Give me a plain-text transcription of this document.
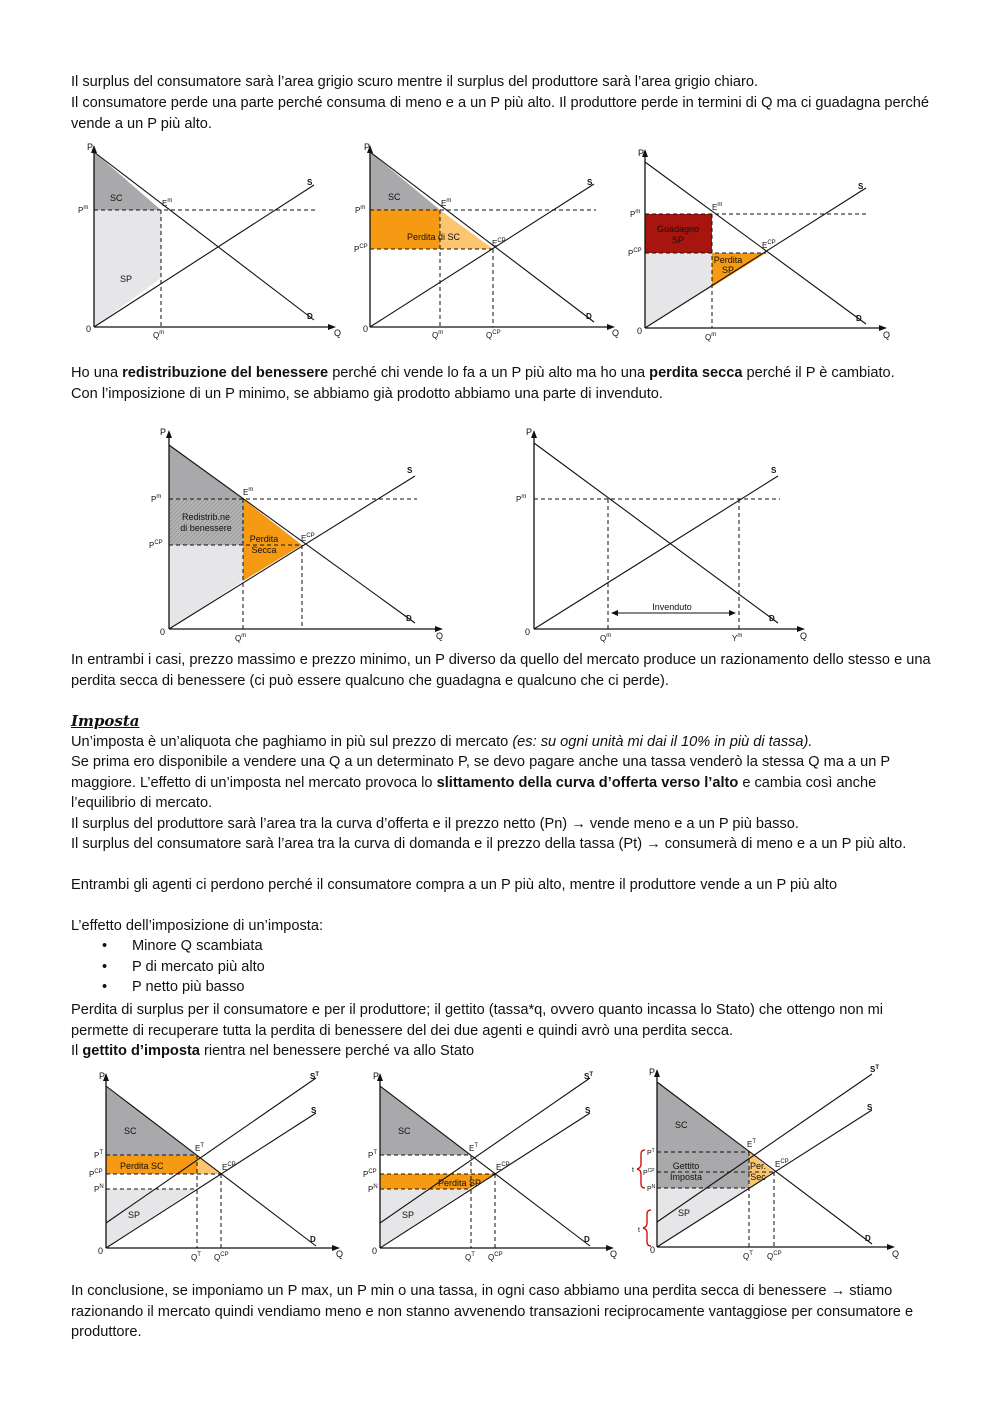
Il surplus del consumatore sarà l’area grigio scuro mentre il surplus del produttore sarà l’area grigio chiaro.

Il consumatore perde una parte perché consuma di meno e a un P più alto. Il produttore perde in termini di Q ma ci guadagna perché vende a un P più alto.

P
Q
0
S
D
$P^m$	$E^m$
$Q^m$
SC
SP
P
Q
0
S
D
$P^m$
$P^{CP}$
$E^m$
$E^{CP}$
$Q^m$	$Q^{CP}$
SC
Perdita di SC
P
Q
0
S
D
$P^m$
$P^{CP}$
$E^m$
$E^{CP}$
$Q^m$
Guadagno
SP
Perdita
SP

Ho una redistribuzione del benessere perché chi vende lo fa a un P più alto ma ho una perdita secca perché il P è cambiato.

Con l’imposizione di un P minimo, se abbiamo già prodotto abbiamo una parte di invenduto.

P
Q
0
S
D
$P^m$
$P^{CP}$
$E^m$
$E^{CP}$
$Q^m$
Redistrib.ne
di benessere
Perdita
Secca
P
Q
0
S
D
$P^m$
$Q^m$	$Y^m$
Invenduto

In entrambi i casi, prezzo massimo e prezzo minimo, un P diverso da quello del mercato produce un razionamento dello stesso e una perdita secca di benessere (ci può essere qualcuno che guadagna e qualcuno che ci perde).

Imposta

Un’imposta è un’aliquota che paghiamo in più sul prezzo di mercato (es: su ogni unità mi dai il 10% in più di tassa).

Se prima ero disponibile a vendere una Q a un determinato P, se devo pagare anche una tassa venderò la stessa Q ma a un P maggiore. L’effetto di un’imposta nel mercato provoca lo slittamento della curva d’offerta verso l’alto e cambia così anche l’equilibrio di mercato.

Il surplus del produttore sarà l’area tra la curva d’offerta e il prezzo netto (Pn) → vende meno e a un P più basso.

Il surplus del consumatore sarà l’area tra la curva di domanda e il prezzo della tassa (Pt) → consumerà di meno e a un P più alto.

Entrambi gli agenti ci perdono perché il consumatore compra a un P più alto, mentre il produttore vende a un P più alto

L’effetto dell’imposizione di un’imposta:

• Minore Q scambiata
• P di mercato più alto
• P netto più basso

Perdita di surplus per il consumatore e per il produttore; il gettito (tassa*q, ovvero quanto incassa lo Stato) che ottengo non mi permette di recuperare tutta la perdita di benessere del dei due agenti e quindi avrò una perdita secca.

Il gettito d’imposta rientra nel benessere perché va allo Stato

P
Q
0
S
$S^T$
D
$P^T$
$P^{CP}$
$P^N$
$E^T$
$E^{CP}$
$Q^T$ $Q^{CP}$
SC
Perdita SC
SP
P
Q
0
S
$S^T$
D
$P^T$
$P^{CP}$
$P^N$
$E^T$
$E^{CP}$
$Q^T$ $Q^{CP}$
SC
Perdita SP
SP
P
Q
0
S
$S^T$
D
$P^T$
t $P^{CP}$
$P^N$
t
$E^T$
$E^{CP}$
$Q^T$ $Q^{CP}$
SC
Gettito
Imposta
Per.
Sec
SP

In conclusione, se imponiamo un P max, un P min o una tassa, in ogni caso abbiamo una perdita secca di benessere → stiamo razionando il mercato quindi vendiamo meno e non stanno avvenendo transazioni reciprocamente vantaggiose per consumatore e produttore.
